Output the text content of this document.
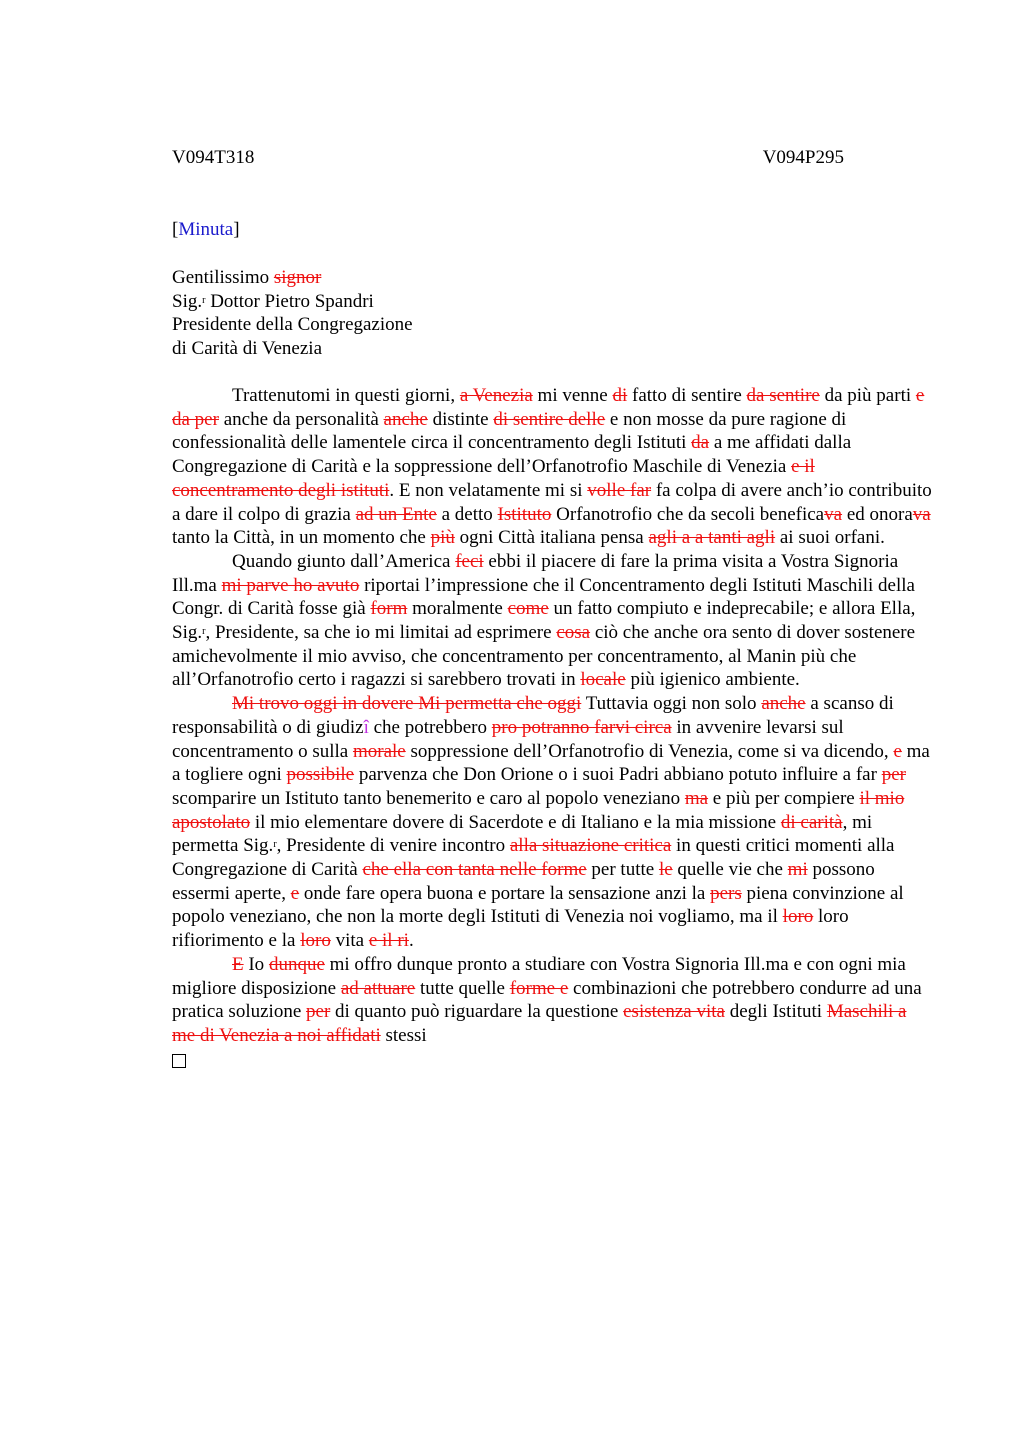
V094T318	V094P295
[Minuta]
Gentilissimo signor
Sig.$^r$ Dottor Pietro Spandri
Presidente della Congregazione
di Carità di Venezia

Trattenutomi in questi giorni, a Venezia mi venne di fatto di sentire da sentire da più parti e da per anche da personalità anche distinte di sentire delle e non mosse da pure ragione di confessionalità delle lamentele circa il concentramento degli Istituti da a me affidati dalla Congregazione di Carità e la soppressione dell’Orfanotrofio Maschile di Venezia e il concentramento degli istituti. E non velatamente mi si volle far fa colpa di avere anch’io contribuito a dare il colpo di grazia ad un Ente a detto Istituto Orfanotrofio che da secoli beneficava ed onorava tanto la Città, in un momento che più ogni Città italiana pensa agli a a tanti agli ai suoi orfani.

Quando giunto dall’America feci ebbi il piacere di fare la prima visita a Vostra Signoria Ill.ma mi parve ho avuto riportai l’impressione che il Concentramento degli Istituti Maschili della Congr. di Carità fosse già form moralmente come un fatto compiuto e indeprecabile; e allora Ella, Sig.$^r$, Presidente, sa che io mi limitai ad esprimere cosa ciò che anche ora sento di dover sostenere amichevolmente il mio avviso, che concentramento per concentramento, al Manin più che all’Orfanotrofio certo i ragazzi si sarebbero trovati in locale più igienico ambiente.

Mi trovo oggi in dovere Mi permetta che oggi Tuttavia oggi non solo anche a scanso di responsabilità o di giudizî che potrebbero pro potranno farvi circa in avvenire levarsi sul concentramento o sulla morale soppressione dell’Orfanotrofio di Venezia, come si va dicendo, e ma a togliere ogni possibile parvenza che Don Orione o i suoi Padri abbiano potuto influire a far per scomparire un Istituto tanto benemerito e caro al popolo veneziano ma e più per compiere il mio apostolato il mio elementare dovere di Sacerdote e di Italiano e la mia missione di carità, mi permetta Sig.$^r$, Presidente di venire incontro alla situazione critica in questi critici momenti alla Congregazione di Carità che ella con tanta nelle forme per tutte le quelle vie che mi possono essermi aperte, e onde fare opera buona e portare la sensazione anzi la pers piena convinzione al popolo veneziano, che non la morte degli Istituti di Venezia noi vogliamo, ma il loro loro rifiorimento e la loro vita e il ri.

E Io dunque mi offro dunque pronto a studiare con Vostra Signoria Ill.ma e con ogni mia migliore disposizione ad attuare tutte quelle forme e combinazioni che potrebbero condurre ad una pratica soluzione per di quanto può riguardare la questione esistenza vita degli Istituti Maschili a me di Venezia a noi affidati stessi
